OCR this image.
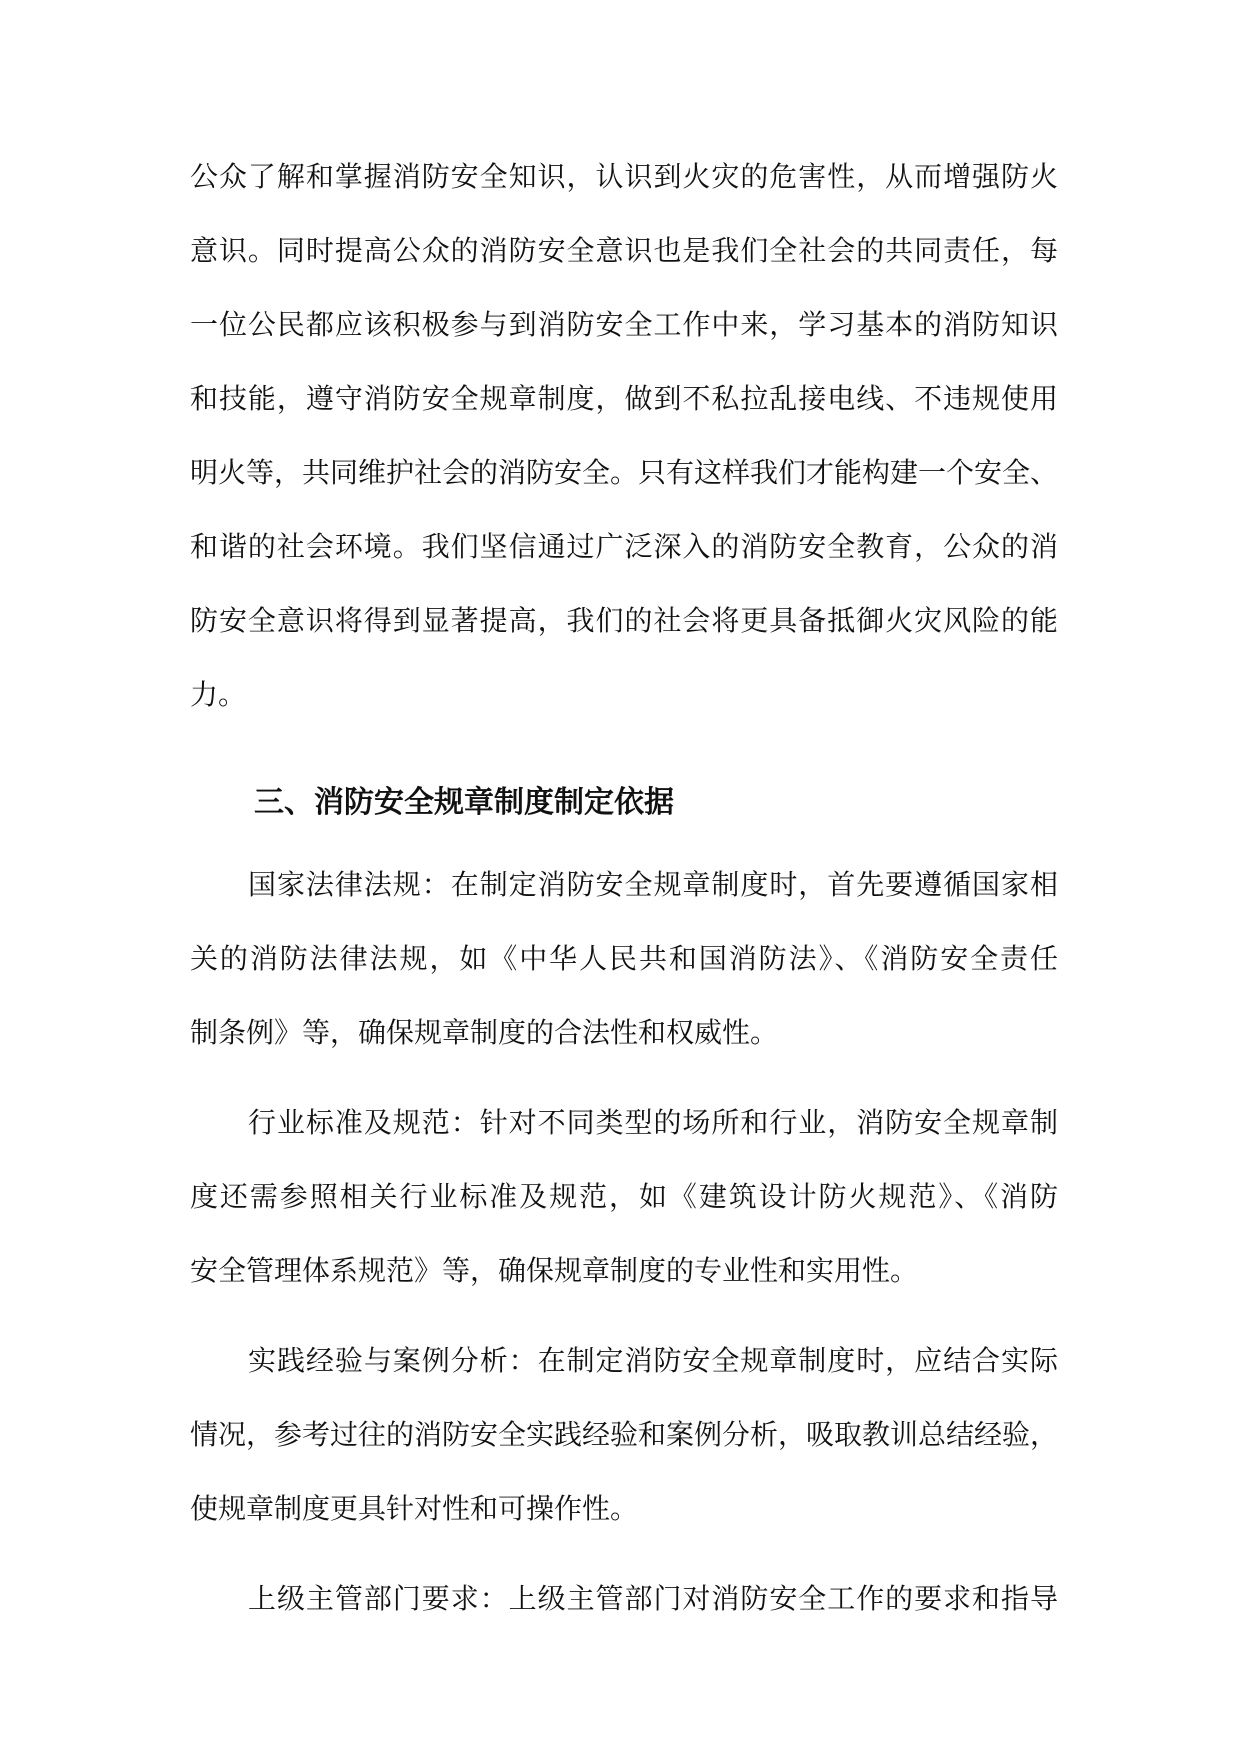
公众了解和掌握消防安全知识，认识到火灾的危害性，从而增强防火
意识。同时提高公众的消防安全意识也是我们全社会的共同责任，每
一位公民都应该积极参与到消防安全工作中来，学习基本的消防知识
和技能，遵守消防安全规章制度，做到不私拉乱接电线、不违规使用
明火等，共同维护社会的消防安全。只有这样我们才能构建一个安全、
和谐的社会环境。我们坚信通过广泛深入的消防安全教育，公众的消
防安全意识将得到显著提高，我们的社会将更具备抵御火灾风险的能
力。
三、消防安全规章制度制定依据
国家法律法规：在制定消防安全规章制度时，首先要遵循国家相
关的消防法律法规，如《中华人民共和国消防法》、《消防安全责任
制条例》等，确保规章制度的合法性和权威性。
行业标准及规范：针对不同类型的场所和行业，消防安全规章制
度还需参照相关行业标准及规范，如《建筑设计防火规范》、《消防
安全管理体系规范》等，确保规章制度的专业性和实用性。
实践经验与案例分析：在制定消防安全规章制度时，应结合实际
情况，参考过往的消防安全实践经验和案例分析，吸取教训总结经验，
使规章制度更具针对性和可操作性。
上级主管部门要求：上级主管部门对消防安全工作的要求和指导
